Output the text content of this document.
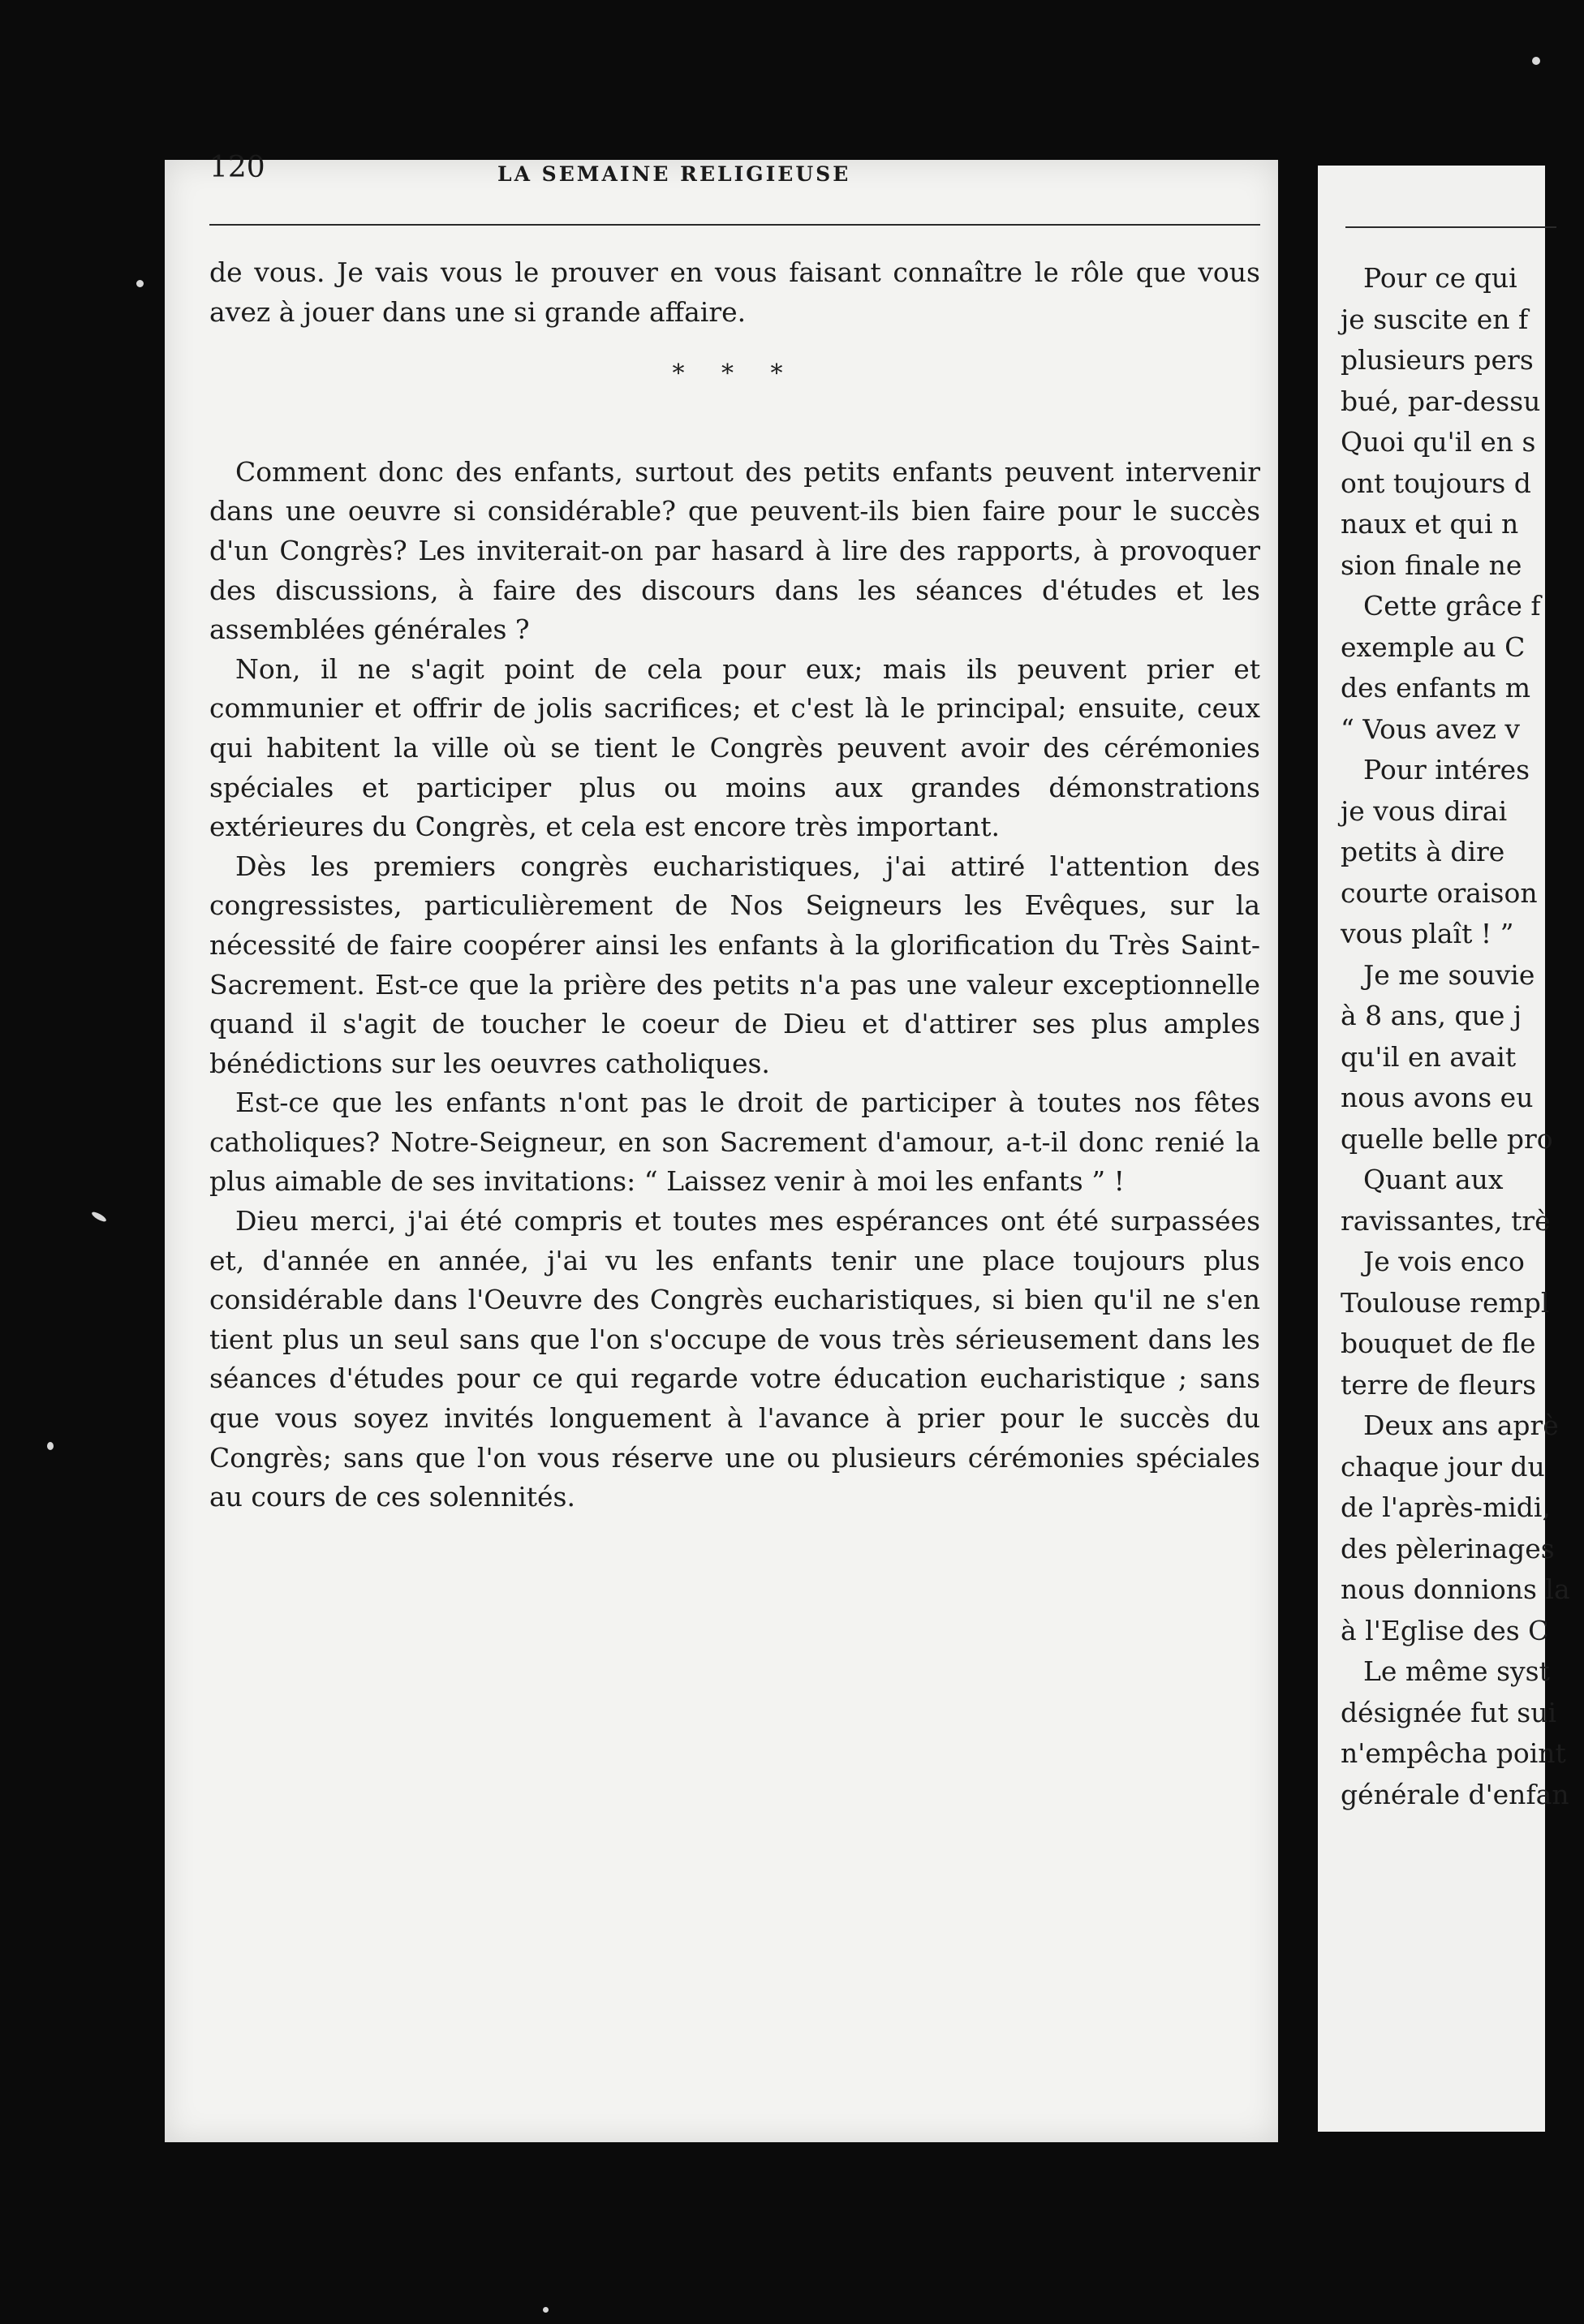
120	LA SEMAINE RELIGIEUSE

de vous. Je vais vous le prouver en vous faisant connaître le rôle que vous avez à jouer dans une si grande affaire.

* * *

Comment donc des enfants, surtout des petits enfants peuvent intervenir dans une oeuvre si considérable? que peuvent-ils bien faire pour le succès d'un Congrès? Les inviterait-on par hasard à lire des rapports, à provoquer des discussions, à faire des discours dans les séances d'études et les assemblées générales ?

Non, il ne s'agit point de cela pour eux; mais ils peuvent prier et communier et offrir de jolis sacrifices; et c'est là le principal; ensuite, ceux qui habitent la ville où se tient le Congrès peuvent avoir des cérémonies spéciales et participer plus ou moins aux grandes démonstrations extérieures du Congrès, et cela est encore très important.

Dès les premiers congrès eucharistiques, j'ai attiré l'attention des congressistes, particulièrement de Nos Seigneurs les Evêques, sur la nécessité de faire coopérer ainsi les enfants à la glorification du Très Saint-Sacrement. Est-ce que la prière des petits n'a pas une valeur exceptionnelle quand il s'agit de toucher le coeur de Dieu et d'attirer ses plus amples bénédictions sur les oeuvres catholiques.

Est-ce que les enfants n'ont pas le droit de participer à toutes nos fêtes catholiques? Notre-Seigneur, en son Sacrement d'amour, a-t-il donc renié la plus aimable de ses invitations: “ Laissez venir à moi les enfants ” !

Dieu merci, j'ai été compris et toutes mes espérances ont été surpassées et, d'année en année, j'ai vu les enfants tenir une place toujours plus considérable dans l'Oeuvre des Congrès eucharistiques, si bien qu'il ne s'en tient plus un seul sans que l'on s'occupe de vous très sérieusement dans les séances d'études pour ce qui regarde votre éducation eucharistique ; sans que vous soyez invités longuement à l'avance à prier pour le succès du Congrès; sans que l'on vous réserve une ou plusieurs cérémonies spéciales au cours de ces solennités.

Pour ce qui
je suscite en f
plusieurs pers
bué, par-dessu
Quoi qu'il en s
ont toujours d
naux et qui n
sion finale ne
Cette grâce f
exemple au C
des enfants m
“ Vous avez v
Pour intéres
je vous dirai
petits à dire
courte oraison
vous plaît ! ”
Je me souvie
à 8 ans, que j
qu'il en avait
nous avons eu
quelle belle pro
Quant aux
ravissantes, trè
Je vois enco
Toulouse rempl
bouquet de fle
terre de fleurs
Deux ans aprè
chaque jour du
de l'après-midi,
des pèlerinages
nous donnions la
à l'Eglise des C
Le même syst
désignée fut sui
n'empêcha point
générale d'enfan
